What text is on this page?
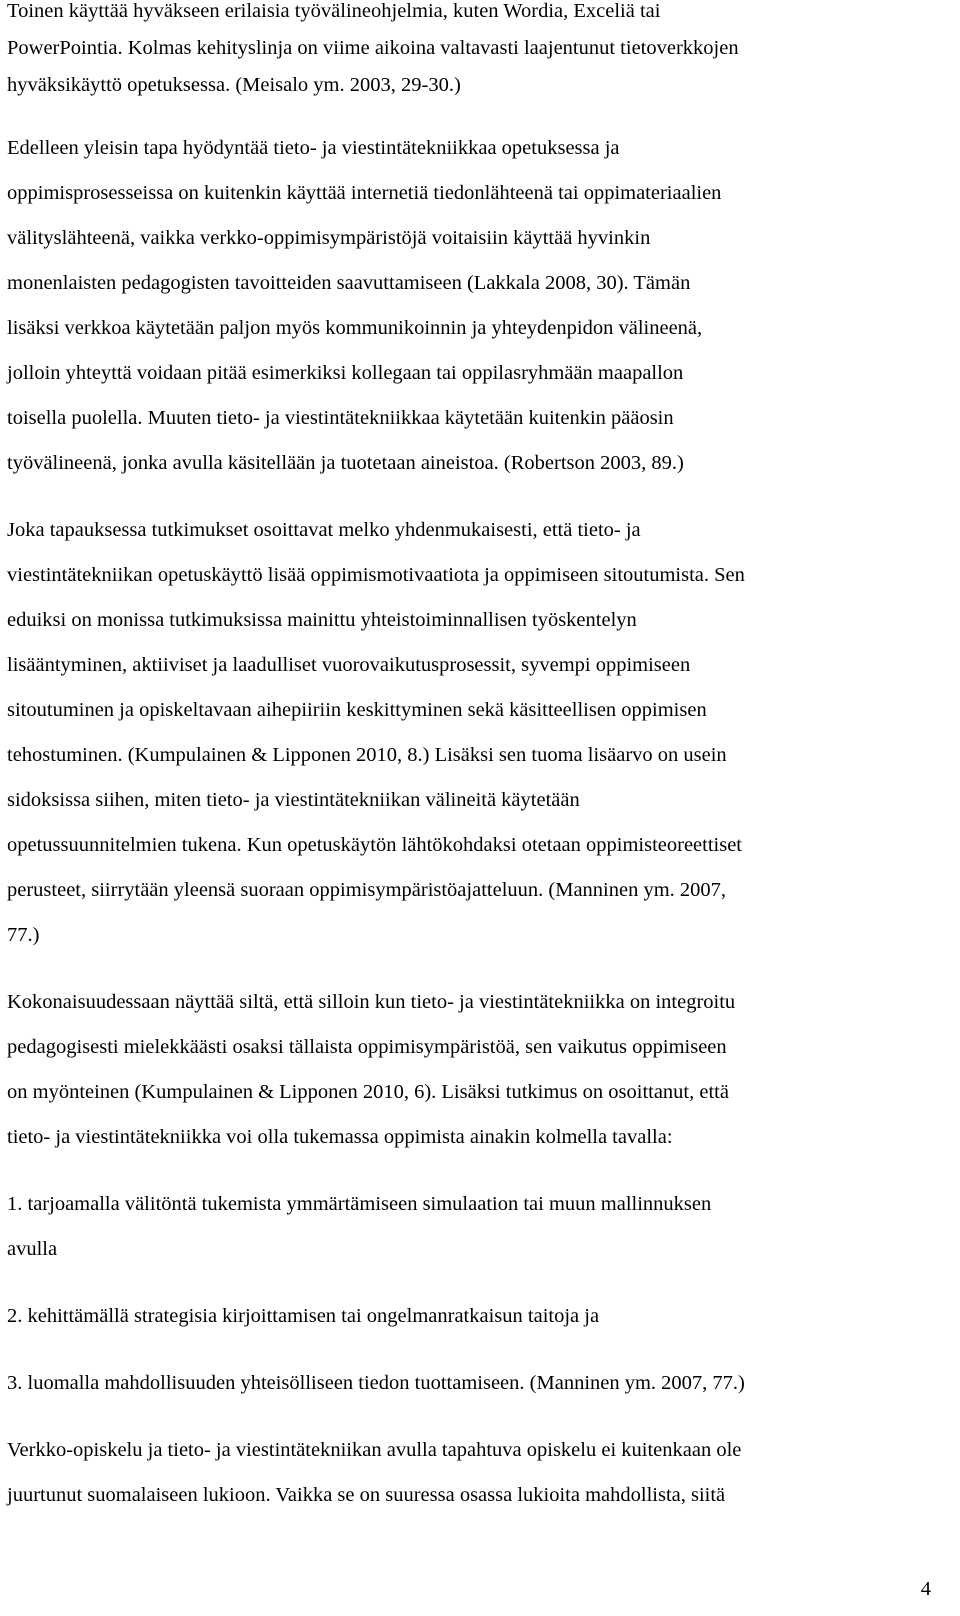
Toinen käyttää hyväkseen erilaisia työvälineohjelmia, kuten Wordia, Exceliä tai
PowerPointia. Kolmas kehityslinja on viime aikoina valtavasti laajentunut tietoverkkojen
hyväksikäyttö opetuksessa. (Meisalo ym. 2003, 29-30.)

Edelleen yleisin tapa hyödyntää tieto- ja viestintätekniikkaa opetuksessa ja
oppimisprosesseissa on kuitenkin käyttää internetiä tiedonlähteenä tai oppimateriaalien
välityslähteenä, vaikka verkko-oppimisympäristöjä voitaisiin käyttää hyvinkin
monenlaisten pedagogisten tavoitteiden saavuttamiseen (Lakkala 2008, 30). Tämän
lisäksi verkkoa käytetään paljon myös kommunikoinnin ja yhteydenpidon välineenä,
jolloin yhteyttä voidaan pitää esimerkiksi kollegaan tai oppilasryhmään maapallon
toisella puolella. Muuten tieto- ja viestintätekniikkaa käytetään kuitenkin pääosin
työvälineenä, jonka avulla käsitellään ja tuotetaan aineistoa. (Robertson 2003, 89.)

Joka tapauksessa tutkimukset osoittavat melko yhdenmukaisesti, että tieto- ja
viestintätekniikan opetuskäyttö lisää oppimismotivaatiota ja oppimiseen sitoutumista. Sen
eduiksi on monissa tutkimuksissa mainittu yhteistoiminnallisen työskentelyn
lisääntyminen, aktiiviset ja laadulliset vuorovaikutusprosessit, syvempi oppimiseen
sitoutuminen ja opiskeltavaan aihepiiriin keskittyminen sekä käsitteellisen oppimisen
tehostuminen. (Kumpulainen & Lipponen 2010, 8.) Lisäksi sen tuoma lisäarvo on usein
sidoksissa siihen, miten tieto- ja viestintätekniikan välineitä käytetään
opetussuunnitelmien tukena. Kun opetuskäytön lähtökohdaksi otetaan oppimisteoreettiset
perusteet, siirrytään yleensä suoraan oppimisympäristöajatteluun. (Manninen ym. 2007,
77.)

Kokonaisuudessaan näyttää siltä, että silloin kun tieto- ja viestintätekniikka on integroitu
pedagogisesti mielekkäästi osaksi tällaista oppimisympäristöä, sen vaikutus oppimiseen
on myönteinen (Kumpulainen & Lipponen 2010, 6). Lisäksi tutkimus on osoittanut, että
tieto- ja viestintätekniikka voi olla tukemassa oppimista ainakin kolmella tavalla:

1. tarjoamalla välitöntä tukemista ymmärtämiseen simulaation tai muun mallinnuksen
avulla

2. kehittämällä strategisia kirjoittamisen tai ongelmanratkaisun taitoja ja

3. luomalla mahdollisuuden yhteisölliseen tiedon tuottamiseen. (Manninen ym. 2007, 77.)

Verkko-opiskelu ja tieto- ja viestintätekniikan avulla tapahtuva opiskelu ei kuitenkaan ole
juurtunut suomalaiseen lukioon. Vaikka se on suuressa osassa lukioita mahdollista, siitä

4
